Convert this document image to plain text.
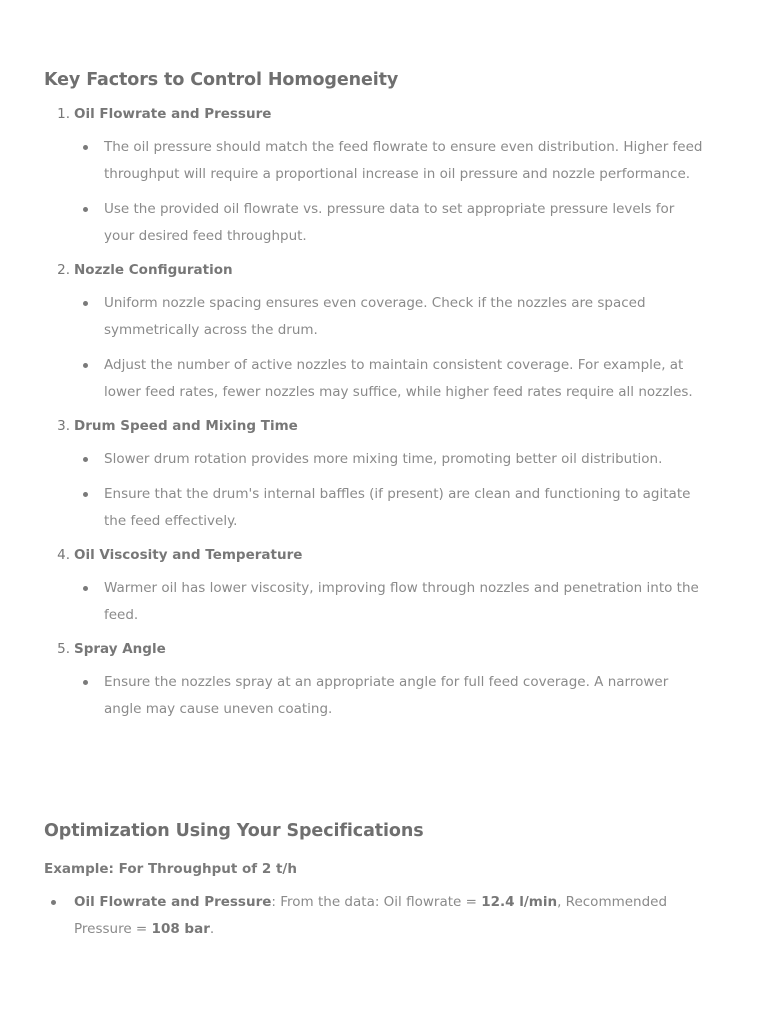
Key Factors to Control Homogeneity
1. Oil Flowrate and Pressure
The oil pressure should match the feed flowrate to ensure even distribution. Higher feed throughput will require a proportional increase in oil pressure and nozzle performance.
Use the provided oil flowrate vs. pressure data to set appropriate pressure levels for your desired feed throughput.
2. Nozzle Configuration
Uniform nozzle spacing ensures even coverage. Check if the nozzles are spaced symmetrically across the drum.
Adjust the number of active nozzles to maintain consistent coverage. For example, at lower feed rates, fewer nozzles may suffice, while higher feed rates require all nozzles.
3. Drum Speed and Mixing Time
Slower drum rotation provides more mixing time, promoting better oil distribution.
Ensure that the drum's internal baffles (if present) are clean and functioning to agitate the feed effectively.
4. Oil Viscosity and Temperature
Warmer oil has lower viscosity, improving flow through nozzles and penetration into the feed.
5. Spray Angle
Ensure the nozzles spray at an appropriate angle for full feed coverage. A narrower angle may cause uneven coating.
Optimization Using Your Specifications
Example: For Throughput of 2 t/h
Oil Flowrate and Pressure: From the data: Oil flowrate = 12.4 l/min, Recommended Pressure = 108 bar.
